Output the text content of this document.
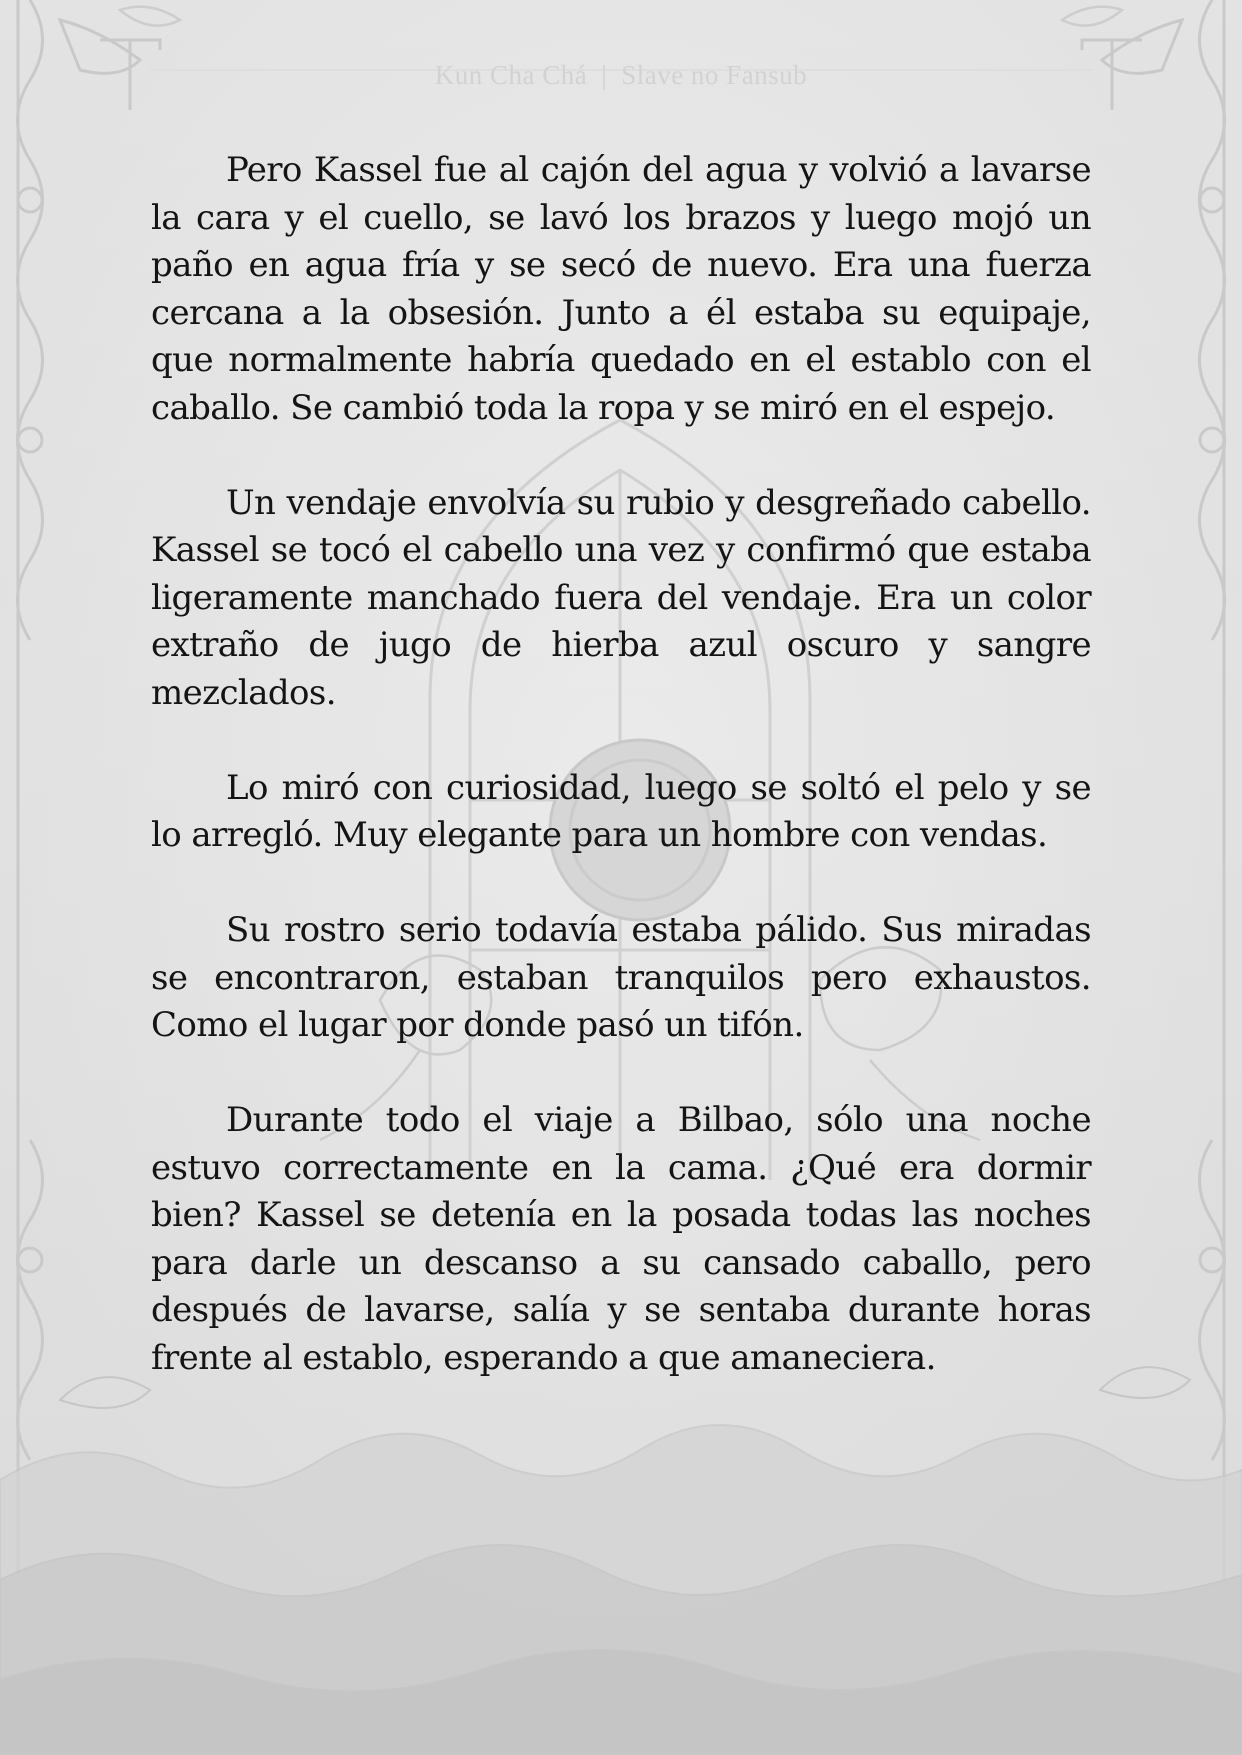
Kun Cha Chá | Slave no Fansub

Pero Kassel fue al cajón del agua y volvió a lavarse la cara y el cuello, se lavó los brazos y luego mojó un paño en agua fría y se secó de nuevo. Era una fuerza cercana a la obsesión. Junto a él estaba su equipaje, que normalmente habría quedado en el establo con el caballo. Se cambió toda la ropa y se miró en el espejo.

Un vendaje envolvía su rubio y desgreñado cabello. Kassel se tocó el cabello una vez y confirmó que estaba ligeramente manchado fuera del vendaje. Era un color extraño de jugo de hierba azul oscuro y sangre mezclados.

Lo miró con curiosidad, luego se soltó el pelo y se lo arregló. Muy elegante para un hombre con vendas.

Su rostro serio todavía estaba pálido. Sus miradas se encontraron, estaban tranquilos pero exhaustos. Como el lugar por donde pasó un tifón.

Durante todo el viaje a Bilbao, sólo una noche estuvo correctamente en la cama. ¿Qué era dormir bien? Kassel se detenía en la posada todas las noches para darle un descanso a su cansado caballo, pero después de lavarse, salía y se sentaba durante horas frente al establo, esperando a que amaneciera.
